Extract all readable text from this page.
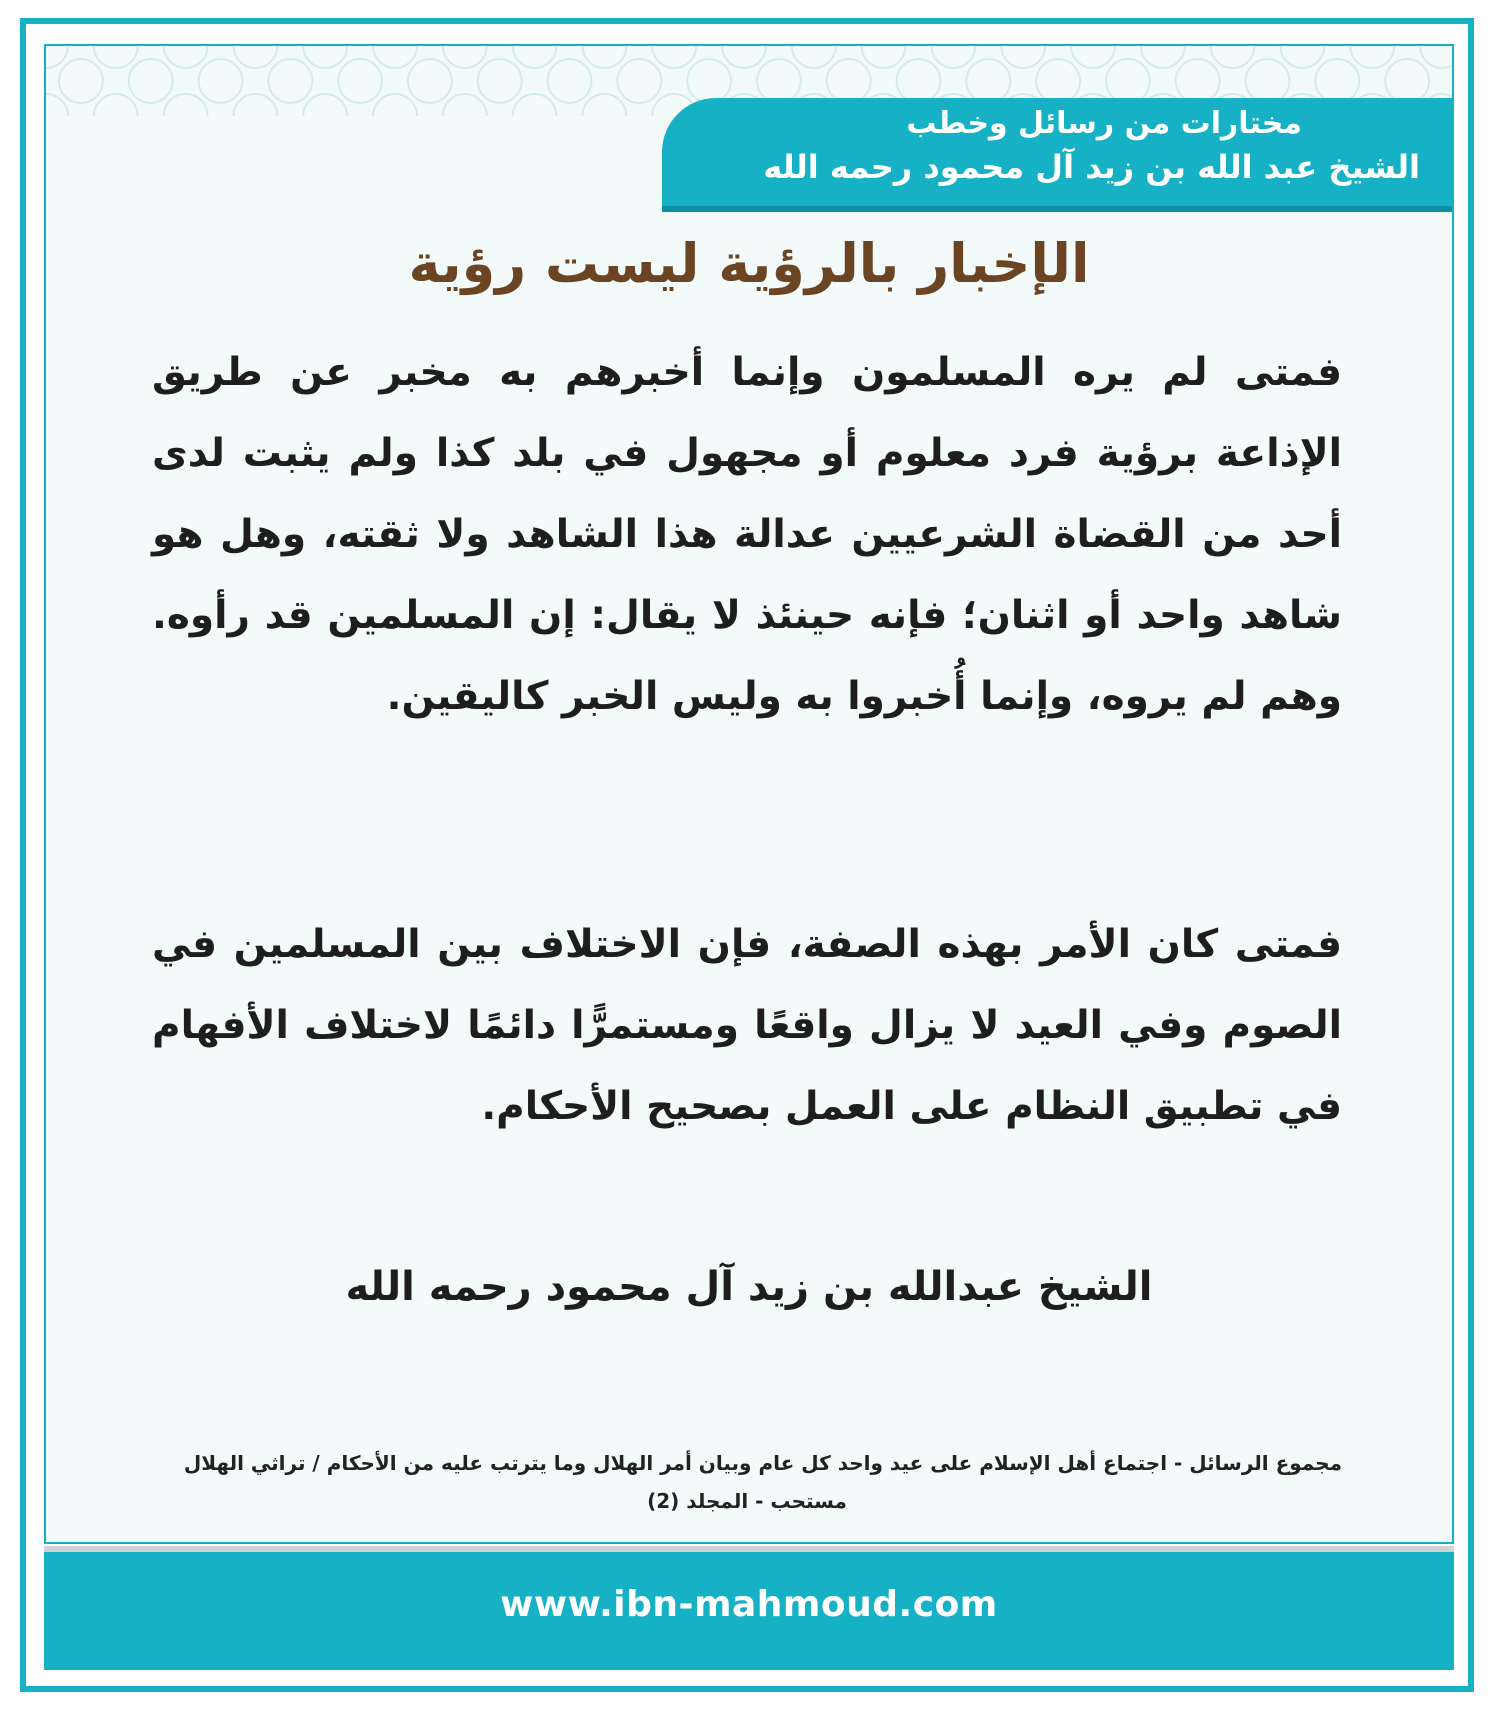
مختارات من رسائل وخطب
الشيخ عبد الله بن زيد آل محمود رحمه الله
الإخبار بالرؤية ليست رؤية
فمتى لم يره المسلمون وإنما أخبرهم به مخبر عن طريق الإذاعة برؤية فرد معلوم أو مجهول في بلد كذا ولم يثبت لدى أحد من القضاة الشرعيين عدالة هذا الشاهد ولا ثقته، وهل هو شاهد واحد أو اثنان؛ فإنه حينئذ لا يقال: إن المسلمين قد رأوه. وهم لم يروه، وإنما أُخبروا به وليس الخبر كاليقين.
فمتى كان الأمر بهذه الصفة، فإن الاختلاف بين المسلمين في الصوم وفي العيد لا يزال واقعًا ومستمرًّا دائمًا لاختلاف الأفهام في تطبيق النظام على العمل بصحيح الأحكام.
الشيخ عبدالله بن زيد آل محمود رحمه الله
مجموع الرسائل - اجتماع أهل الإسلام على عيد واحد كل عام وبيان أمر الهلال وما يترتب عليه من الأحكام / تراثي الهلال
مستحب - المجلد (2)
www.ibn-mahmoud.com
